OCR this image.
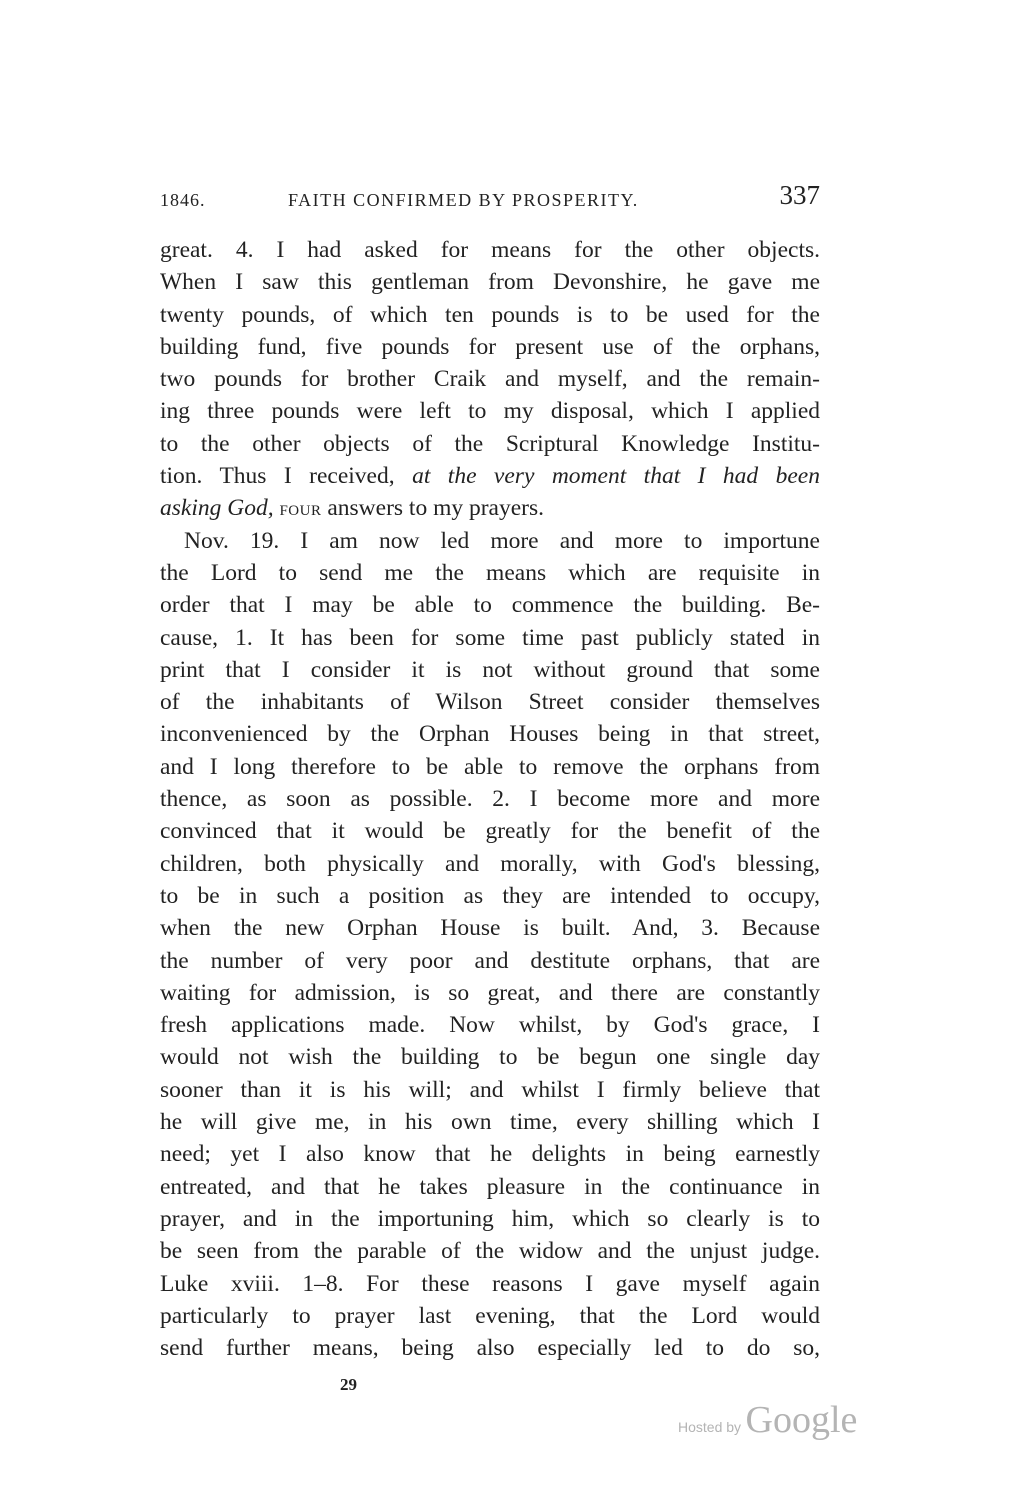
1846.	FAITH CONFIRMED BY PROSPERITY.	337
great. 4. I had asked for means for the other objects.
When I saw this gentleman from Devonshire, he gave me
twenty pounds, of which ten pounds is to be used for the
building fund, five pounds for present use of the orphans,
two pounds for brother Craik and myself, and the remain-
ing three pounds were left to my disposal, which I applied
to the other objects of the Scriptural Knowledge Institu-
tion. Thus I received, at the very moment that I had been
asking God, four answers to my prayers.
Nov. 19. I am now led more and more to importune
the Lord to send me the means which are requisite in
order that I may be able to commence the building. Be-
cause, 1. It has been for some time past publicly stated in
print that I consider it is not without ground that some
of the inhabitants of Wilson Street consider themselves
inconvenienced by the Orphan Houses being in that street,
and I long therefore to be able to remove the orphans from
thence, as soon as possible. 2. I become more and more
convinced that it would be greatly for the benefit of the
children, both physically and morally, with God's blessing,
to be in such a position as they are intended to occupy,
when the new Orphan House is built. And, 3. Because
the number of very poor and destitute orphans, that are
waiting for admission, is so great, and there are constantly
fresh applications made. Now whilst, by God's grace, I
would not wish the building to be begun one single day
sooner than it is his will; and whilst I firmly believe that
he will give me, in his own time, every shilling which I
need; yet I also know that he delights in being earnestly
entreated, and that he takes pleasure in the continuance in
prayer, and in the importuning him, which so clearly is to
be seen from the parable of the widow and the unjust judge.
Luke xviii. 1–8. For these reasons I gave myself again
particularly to prayer last evening, that the Lord would
send further means, being also especially led to do so,
29
Hosted by Google
